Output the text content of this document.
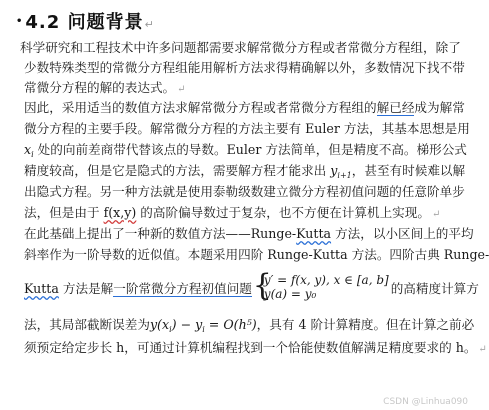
• 4.2 问题背景↵
科学研究和工程技术中许多问题都需要求解常微分方程或者常微分方程组，除了
少数特殊类型的常微分方程组能用解析方法求得精确解以外，多数情况下找不带
常微分方程的解的表达式。 ↵
因此，采用适当的数值方法求解常微分方程或者常微分方程组的解已经成为解常
微分方程的主要手段。解常微分方程的方法主要有 Euler 方法，其基本思想是用
$x_i$ 处的向前差商带代替该点的导数。Euler 方法简单，但是精度不高。梯形公式
精度较高，但是它是隐式的方法，需要解方程才能求出 $y_{i+1}$，甚至有时候难以解
出隐式方程。另一种方法就是使用泰勒级数建立微分方程初值问题的任意阶单步
法，但是由于 f(x,y) 的高阶偏导数过于复杂，也不方便在计算机上实现。 ↵
在此基础上提出了一种新的数值方法——Runge-Kutta 方法，以小区间上的平均
斜率作为一阶导数的近似值。本题采用四阶 Runge-Kutta 方法。四阶古典 Runge-
Kutta 方法是解一阶常微分方程初值问题
{ y′ = f(x, y), x ∈ [a, b]
y(a) = y₀	的高精度计算方
法，其局部截断误差为$y(x_i) - y_i = O(h^5)$，具有 4 阶计算精度。但在计算之前必
须预定给定步长 h，可通过计算机编程找到一个恰能使数值解满足精度要求的 h。 ↵
CSDN @Linhua090
